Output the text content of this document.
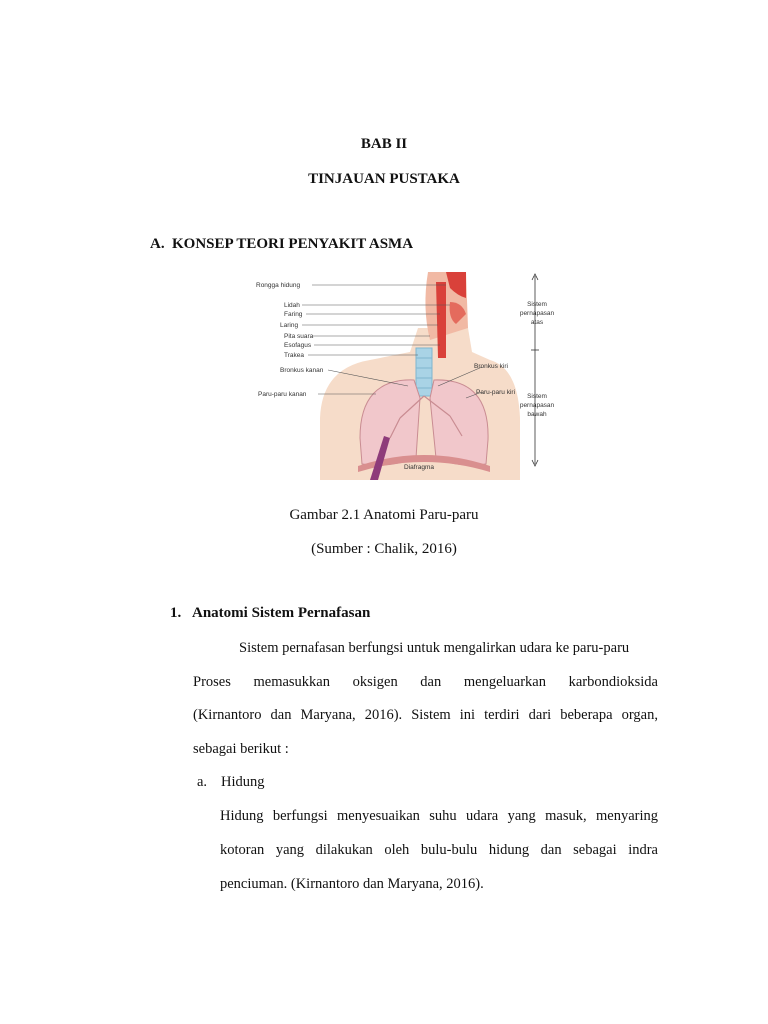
BAB II
TINJAUAN PUSTAKA
A. KONSEP TEORI PENYAKIT ASMA
Rongga hidung
Lidah
Faring
Laring
Pita suara
Esofagus
Trakea
Bronkus kanan
Paru-paru kanan
Bronkus kiri
Paru-paru kiri
Diafragma
Sistem
pernapasan
atas
Sistem
pernapasan
bawah
Gambar 2.1 Anatomi Paru-paru
(Sumber : Chalik, 2016)
1. Anatomi Sistem Pernafasan
Sistem pernafasan berfungsi untuk mengalirkan udara ke paru-paru
Proses memasukkan oksigen dan mengeluarkan karbondioksida
(Kirnantoro dan Maryana, 2016). Sistem ini terdiri dari beberapa organ,
sebagai berikut :
a. Hidung
Hidung berfungsi menyesuaikan suhu udara yang masuk, menyaring
kotoran yang dilakukan oleh bulu-bulu hidung dan sebagai indra
penciuman. (Kirnantoro dan Maryana, 2016).
